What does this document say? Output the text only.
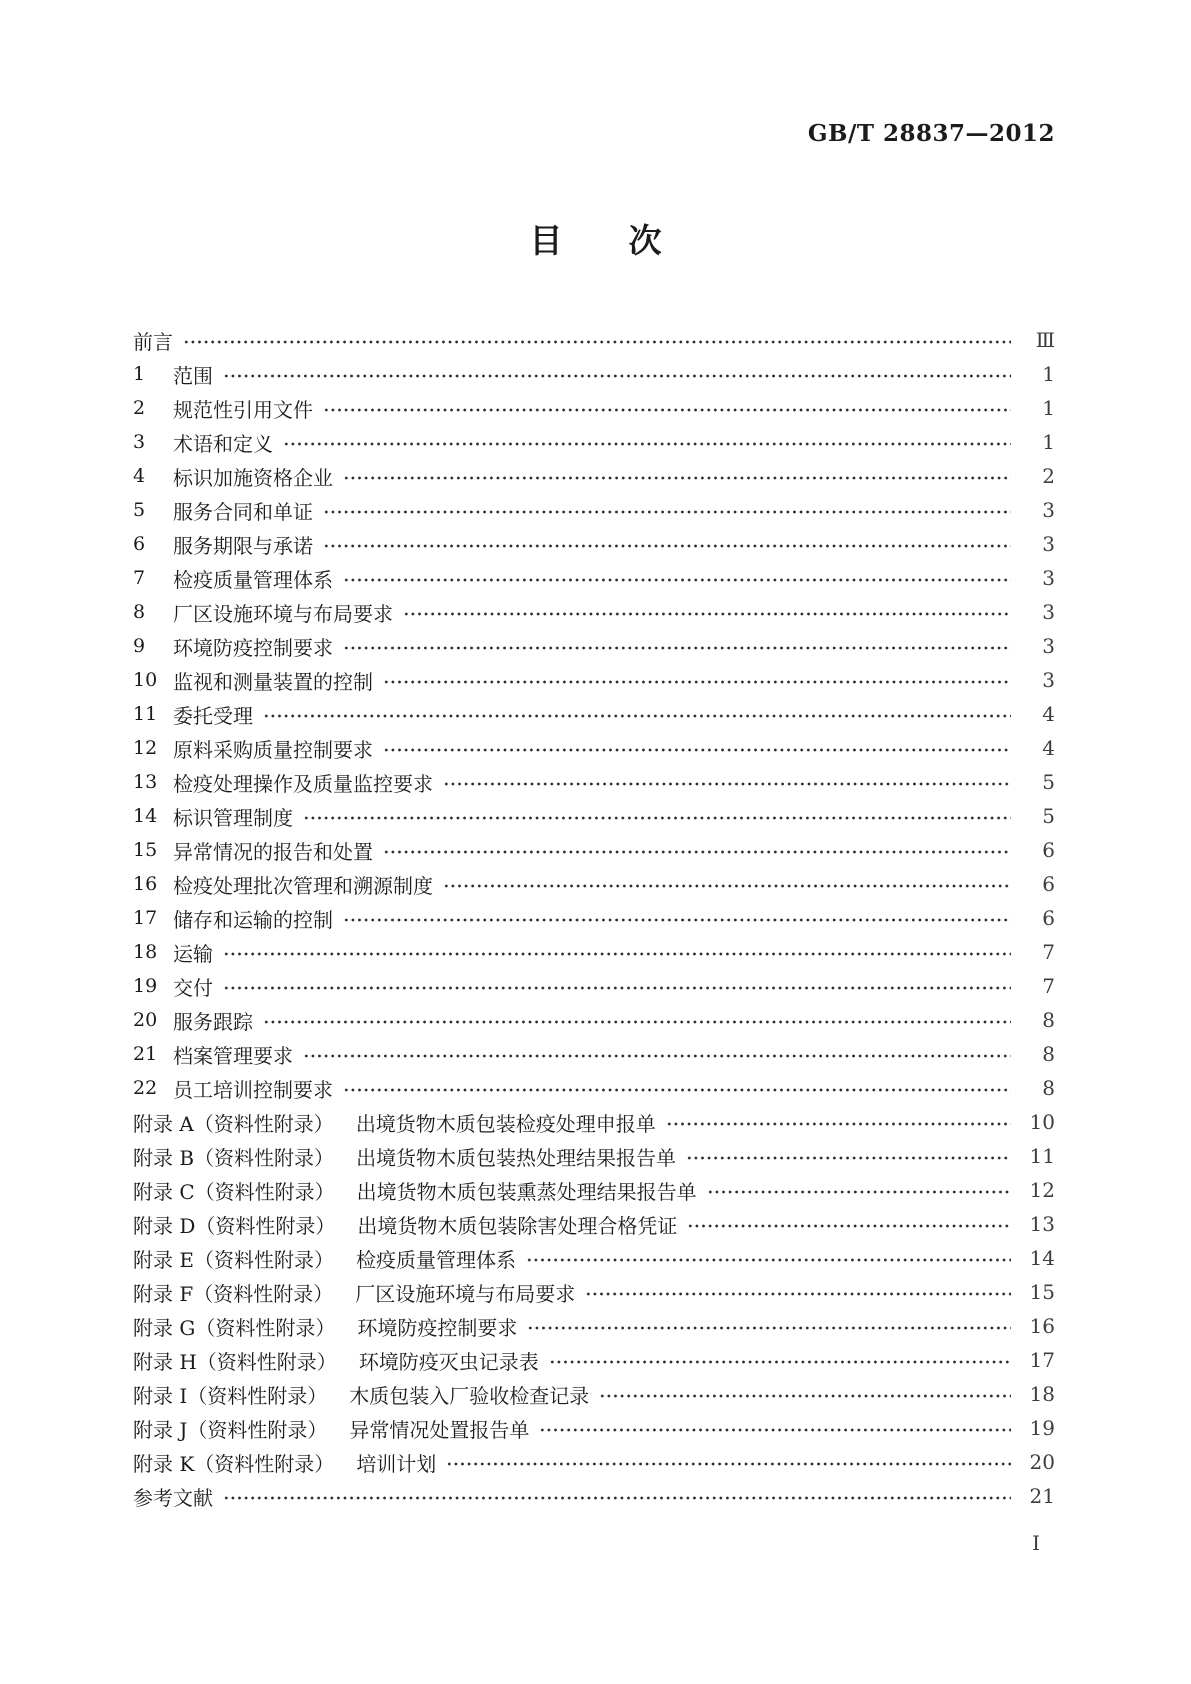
GB/T 28837—2012
目　　次
前言	Ⅲ
1	范围	1
2	规范性引用文件	1
3	术语和定义	1
4	标识加施资格企业	2
5	服务合同和单证	3
6	服务期限与承诺	3
7	检疫质量管理体系	3
8	厂区设施环境与布局要求	3
9	环境防疫控制要求	3
10 监视和测量装置的控制	3
11 委托受理	4
12 原料采购质量控制要求	4
13 检疫处理操作及质量监控要求	5
14 标识管理制度	5
15 异常情况的报告和处置	6
16 检疫处理批次管理和溯源制度	6
17 储存和运输的控制	6
18 运输	7
19 交付	7
20 服务跟踪	8
21 档案管理要求	8
22 员工培训控制要求	8
附录 A（资料性附录） 出境货物木质包装检疫处理申报单	10
附录 B（资料性附录） 出境货物木质包装热处理结果报告单	11
附录 C（资料性附录） 出境货物木质包装熏蒸处理结果报告单	12
附录 D（资料性附录） 出境货物木质包装除害处理合格凭证	13
附录 E（资料性附录） 检疫质量管理体系	14
附录 F（资料性附录） 厂区设施环境与布局要求	15
附录 G（资料性附录） 环境防疫控制要求	16
附录 H（资料性附录） 环境防疫灭虫记录表	17
附录 I（资料性附录） 木质包装入厂验收检查记录	18
附录 J（资料性附录） 异常情况处置报告单	19
附录 K（资料性附录） 培训计划	20
参考文献	21
Ⅰ
